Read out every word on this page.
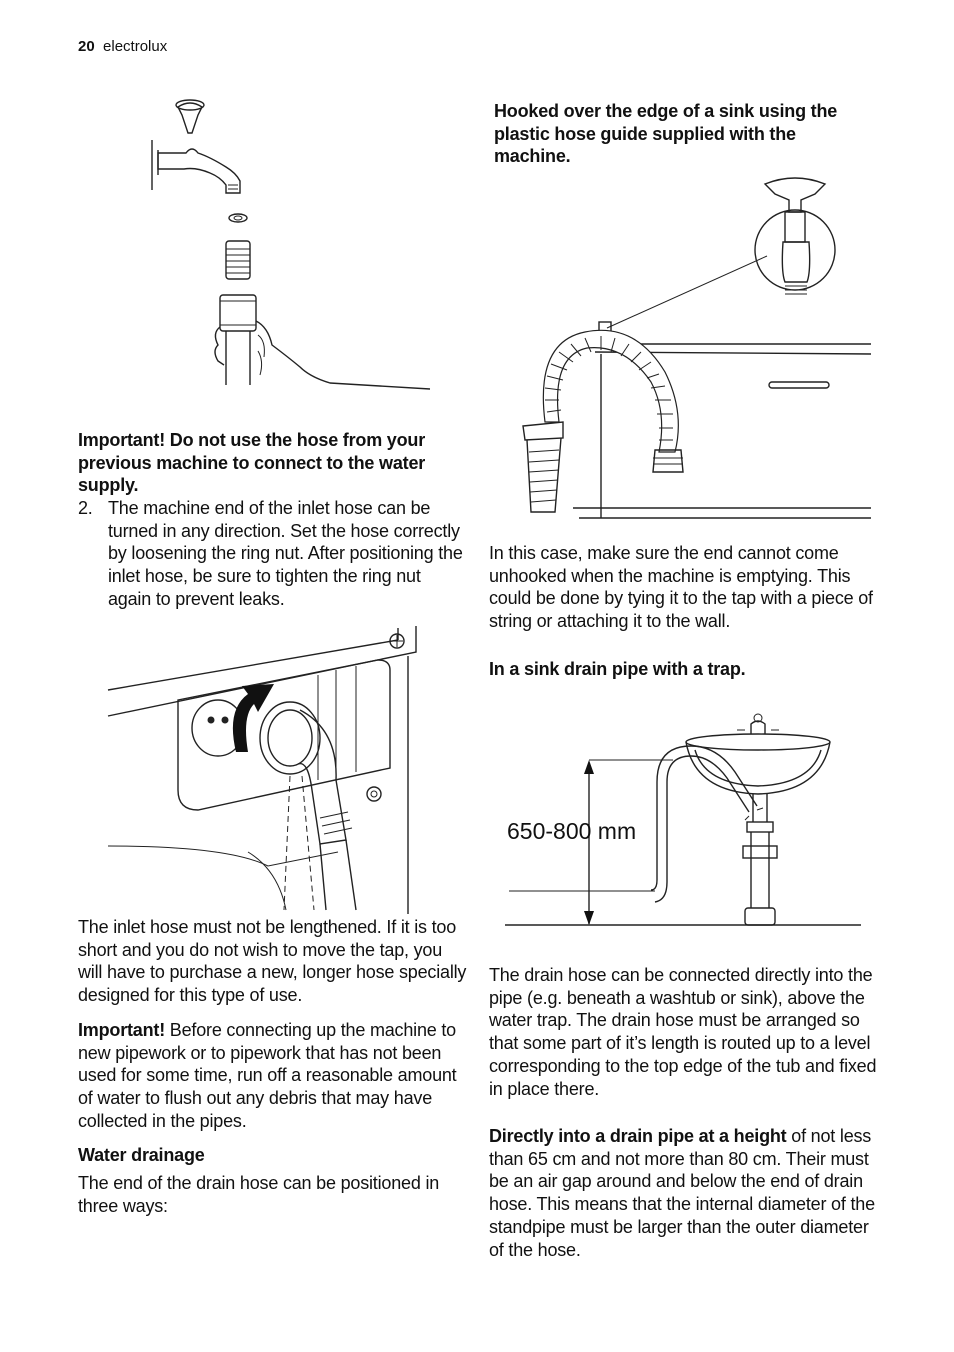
20 electrolux
Important! Do not use the hose from your previous machine to connect to the water supply.
2. The machine end of the inlet hose can be turned in any direction. Set the hose correctly by loosening the ring nut. After positioning the inlet hose, be sure to tighten the ring nut again to prevent leaks.
The inlet hose must not be lengthened. If it is too short and you do not wish to move the tap, you will have to purchase a new, longer hose specially designed for this type of use.
Important! Before connecting up the machine to new pipework or to pipework that has not been used for some time, run off a reasonable amount of water to flush out any debris that may have collected in the pipes.
Water drainage
The end of the drain hose can be positioned in three ways:
Hooked over the edge of a sink using the plastic hose guide supplied with the machine.
In this case, make sure the end cannot come unhooked when the machine is emptying. This could be done by tying it to the tap with a piece of string or attaching it to the wall.
In a sink drain pipe with a trap.
650-800 mm
The drain hose can be connected directly into the pipe (e.g. beneath a washtub or sink), above the water trap. The drain hose must be arranged so that some part of it’s length is routed up to a level corresponding to the top edge of the tub and fixed in place there.
Directly into a drain pipe at a height of not less than 65 cm and not more than 80 cm. Their must be an air gap around and below the end of drain hose. This means that the internal diameter of the standpipe must be larger than the outer diameter of the hose.
